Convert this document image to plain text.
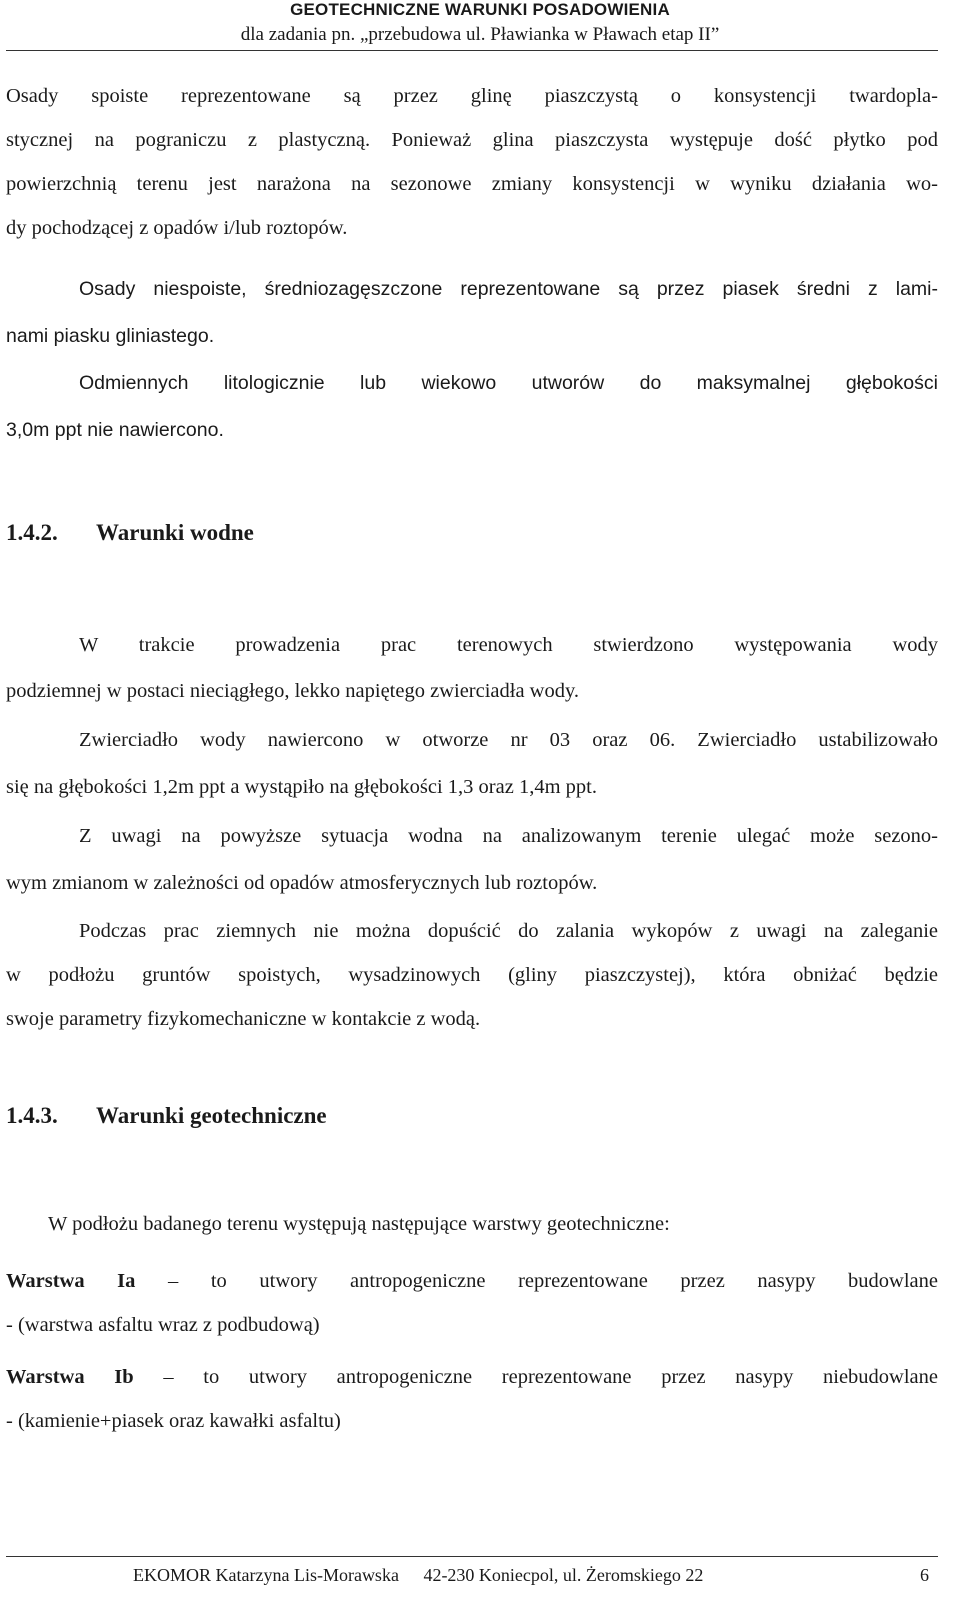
GEOTECHNICZNE WARUNKI POSADOWIENIA
dla zadania pn. „przebudowa ul. Pławianka w Pławach etap II”
Osady spoiste reprezentowane są przez glinę piaszczystą o konsystencji twardopla-
stycznej na pograniczu z plastyczną. Ponieważ glina piaszczysta występuje dość płytko pod
powierzchnią terenu jest narażona na sezonowe zmiany konsystencji w wyniku działania wo-
dy pochodzącej z opadów i/lub roztopów.
Osady niespoiste, średniozagęszczone reprezentowane są przez piasek średni z lami-
nami piasku gliniastego.
Odmiennych litologicznie lub wiekowo utworów do maksymalnej głębokości
3,0m ppt nie nawiercono.
1.4.2. Warunki wodne
W trakcie prowadzenia prac terenowych stwierdzono występowania wody
podziemnej w postaci nieciągłego, lekko napiętego zwierciadła wody.
Zwierciadło wody nawiercono w otworze nr 03 oraz 06. Zwierciadło ustabilizowało
się na głębokości 1,2m ppt a wystąpiło na głębokości 1,3 oraz 1,4m ppt.
Z uwagi na powyższe sytuacja wodna na analizowanym terenie ulegać może sezono-
wym zmianom w zależności od opadów atmosferycznych lub roztopów.
Podczas prac ziemnych nie można dopuścić do zalania wykopów z uwagi na zaleganie
w podłożu gruntów spoistych, wysadzinowych (gliny piaszczystej), która obniżać będzie
swoje parametry fizykomechaniczne w kontakcie z wodą.
1.4.3. Warunki geotechniczne
W podłożu badanego terenu występują następujące warstwy geotechniczne:
Warstwa Ia – to utwory antropogeniczne reprezentowane przez nasypy budowlane
- (warstwa asfaltu wraz z podbudową)
Warstwa Ib – to utwory antropogeniczne reprezentowane przez nasypy niebudowlane
- (kamienie+piasek oraz kawałki asfaltu)
EKOMOR Katarzyna Lis-Morawska 42-230 Koniecpol, ul. Żeromskiego 22	6
